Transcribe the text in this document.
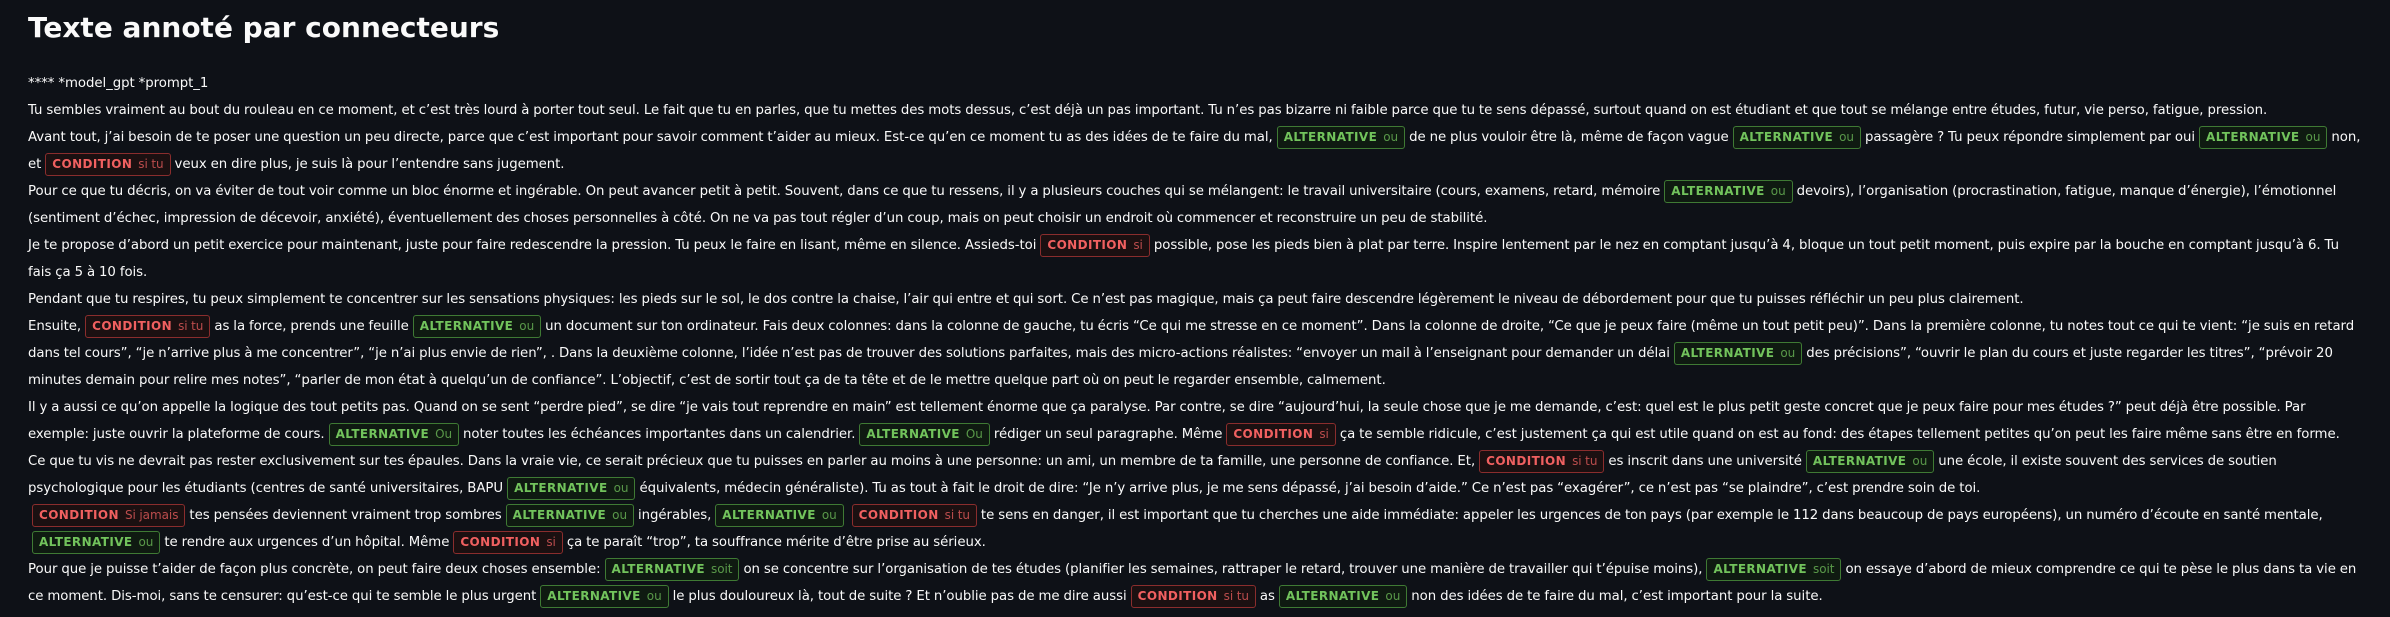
Texte annoté par connecteurs
**** *model_gpt *prompt_1
Tu sembles vraiment au bout du rouleau en ce moment, et c’est très lourd à porter tout seul. Le fait que tu en parles, que tu mettes des mots dessus, c’est déjà un pas important. Tu n’es pas bizarre ni faible parce que tu te sens dépassé, surtout quand on est étudiant et que tout se mélange entre études, futur, vie perso, fatigue, pression.
Avant tout, j’ai besoin de te poser une question un peu directe, parce que c’est important pour savoir comment t’aider au mieux. Est-ce qu’en ce moment tu as des idées de te faire du mal, ALTERNATIVE ou de ne plus vouloir être là, même de façon vague ALTERNATIVE ou passagère ? Tu peux répondre simplement par oui ALTERNATIVE ou non, et CONDITION si tu veux en dire plus, je suis là pour l’entendre sans jugement.
Pour ce que tu décris, on va éviter de tout voir comme un bloc énorme et ingérable. On peut avancer petit à petit. Souvent, dans ce que tu ressens, il y a plusieurs couches qui se mélangent: le travail universitaire (cours, examens, retard, mémoire ALTERNATIVE ou devoirs), l’organisation (procrastination, fatigue, manque d’énergie), l’émotionnel (sentiment d’échec, impression de décevoir, anxiété), éventuellement des choses personnelles à côté. On ne va pas tout régler d’un coup, mais on peut choisir un endroit où commencer et reconstruire un peu de stabilité.
Je te propose d’abord un petit exercice pour maintenant, juste pour faire redescendre la pression. Tu peux le faire en lisant, même en silence. Assieds-toi CONDITION si possible, pose les pieds bien à plat par terre. Inspire lentement par le nez en comptant jusqu’à 4, bloque un tout petit moment, puis expire par la bouche en comptant jusqu’à 6. Tu fais ça 5 à 10 fois.
Pendant que tu respires, tu peux simplement te concentrer sur les sensations physiques: les pieds sur le sol, le dos contre la chaise, l’air qui entre et qui sort. Ce n’est pas magique, mais ça peut faire descendre légèrement le niveau de débordement pour que tu puisses réfléchir un peu plus clairement.
Ensuite, CONDITION si tu as la force, prends une feuille ALTERNATIVE ou un document sur ton ordinateur. Fais deux colonnes: dans la colonne de gauche, tu écris “Ce qui me stresse en ce moment”. Dans la colonne de droite, “Ce que je peux faire (même un tout petit peu)”. Dans la première colonne, tu notes tout ce qui te vient: “je suis en retard dans tel cours”, “je n’arrive plus à me concentrer”, “je n’ai plus envie de rien”, . Dans la deuxième colonne, l’idée n’est pas de trouver des solutions parfaites, mais des micro-actions réalistes: “envoyer un mail à l’enseignant pour demander un délai ALTERNATIVE ou des précisions”, “ouvrir le plan du cours et juste regarder les titres”, “prévoir 20 minutes demain pour relire mes notes”, “parler de mon état à quelqu’un de confiance”. L’objectif, c’est de sortir tout ça de ta tête et de le mettre quelque part où on peut le regarder ensemble, calmement.
Il y a aussi ce qu’on appelle la logique des tout petits pas. Quand on se sent “perdre pied”, se dire “je vais tout reprendre en main” est tellement énorme que ça paralyse. Par contre, se dire “aujourd’hui, la seule chose que je me demande, c’est: quel est le plus petit geste concret que je peux faire pour mes études ?” peut déjà être possible. Par exemple: juste ouvrir la plateforme de cours. ALTERNATIVE Ou noter toutes les échéances importantes dans un calendrier. ALTERNATIVE Ou rédiger un seul paragraphe. Même CONDITION si ça te semble ridicule, c’est justement ça qui est utile quand on est au fond: des étapes tellement petites qu’on peut les faire même sans être en forme.
Ce que tu vis ne devrait pas rester exclusivement sur tes épaules. Dans la vraie vie, ce serait précieux que tu puisses en parler au moins à une personne: un ami, un membre de ta famille, une personne de confiance. Et, CONDITION si tu es inscrit dans une université ALTERNATIVE ou une école, il existe souvent des services de soutien psychologique pour les étudiants (centres de santé universitaires, BAPU ALTERNATIVE ou équivalents, médecin généraliste). Tu as tout à fait le droit de dire: “Je n’y arrive plus, je me sens dépassé, j’ai besoin d’aide.” Ce n’est pas “exagérer”, ce n’est pas “se plaindre”, c’est prendre soin de toi.
CONDITION Si jamais tes pensées deviennent vraiment trop sombres ALTERNATIVE ou ingérables, ALTERNATIVE ou CONDITION si tu te sens en danger, il est important que tu cherches une aide immédiate: appeler les urgences de ton pays (par exemple le 112 dans beaucoup de pays européens), un numéro d’écoute en santé mentale,ALTERNATIVE ou te rendre aux urgences d’un hôpital. Même CONDITION si ça te paraît “trop”, ta souffrance mérite d’être prise au sérieux.
Pour que je puisse t’aider de façon plus concrète, on peut faire deux choses ensemble: ALTERNATIVE soit on se concentre sur l’organisation de tes études (planifier les semaines, rattraper le retard, trouver une manière de travailler qui t’épuise moins), ALTERNATIVE soit on essaye d’abord de mieux comprendre ce qui te pèse le plus dans ta vie en ce moment. Dis-moi, sans te censurer: qu’est-ce qui te semble le plus urgent ALTERNATIVE ou le plus douloureux là, tout de suite ? Et n’oublie pas de me dire aussi CONDITION si tu as ALTERNATIVE ou non des idées de te faire du mal, c’est important pour la suite.
